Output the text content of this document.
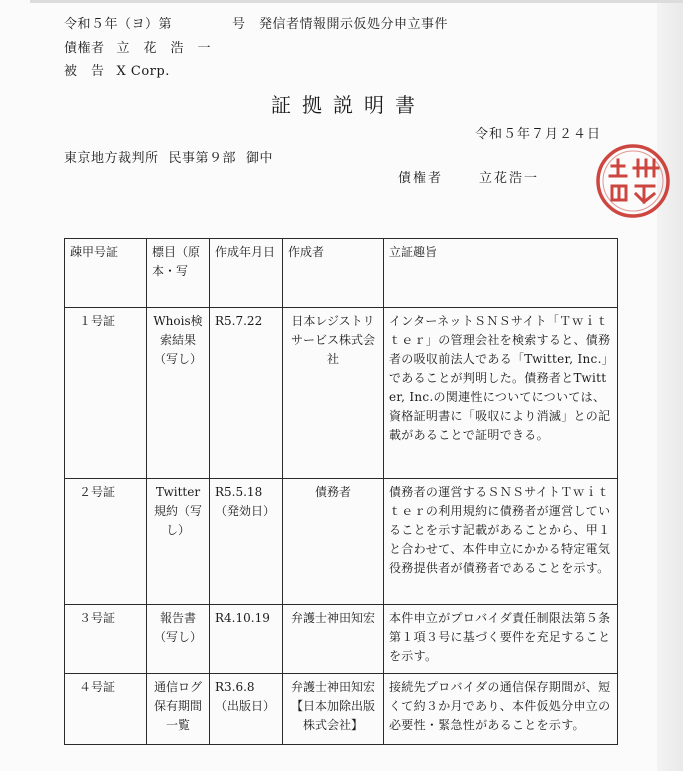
令和５年（ヨ）第	号　発信者情報開示仮処分申立事件
債権者 立　花　浩　一
被　告 X Corp.
証拠説明書
令和５年７月２４日
東京地方裁判所 民事第９部 御中
債権者	立花浩一
疎甲号証	標目（原本・写	作成年月日	作成者	立証趣旨
１号証	Whois検索結果（写し）	R5.7.22	日本レジストリサービス株式会社	インターネットＳＮＳサイト「Ｔｗｉｔｔｅｒ」の管理会社を検索すると、債務者の吸収前法人である「Twitter, Inc.」であることが判明した。債務者とTwitter, Inc.の関連性についてについては、資格証明書に「吸収により消滅」との記載があることで証明できる。
２号証	Twitter規約（写し）	R5.5.18（発効日）	債務者	債務者の運営するＳＮＳサイトＴｗｉｔｔｅｒの利用規約に債務者が運営していることを示す記載があることから、甲１と合わせて、本件申立にかかる特定電気役務提供者が債務者であることを示す。
３号証	報告書（写し）	R4.10.19	弁護士神田知宏	本件申立がプロバイダ責任制限法第５条第１項３号に基づく要件を充足することを示す。
４号証	通信ログ保有期間一覧	R3.6.8（出版日）	弁護士神田知宏【日本加除出版株式会社】	接続先プロバイダの通信保存期間が、短くて約３か月であり、本件仮処分申立の必要性・緊急性があることを示す。
